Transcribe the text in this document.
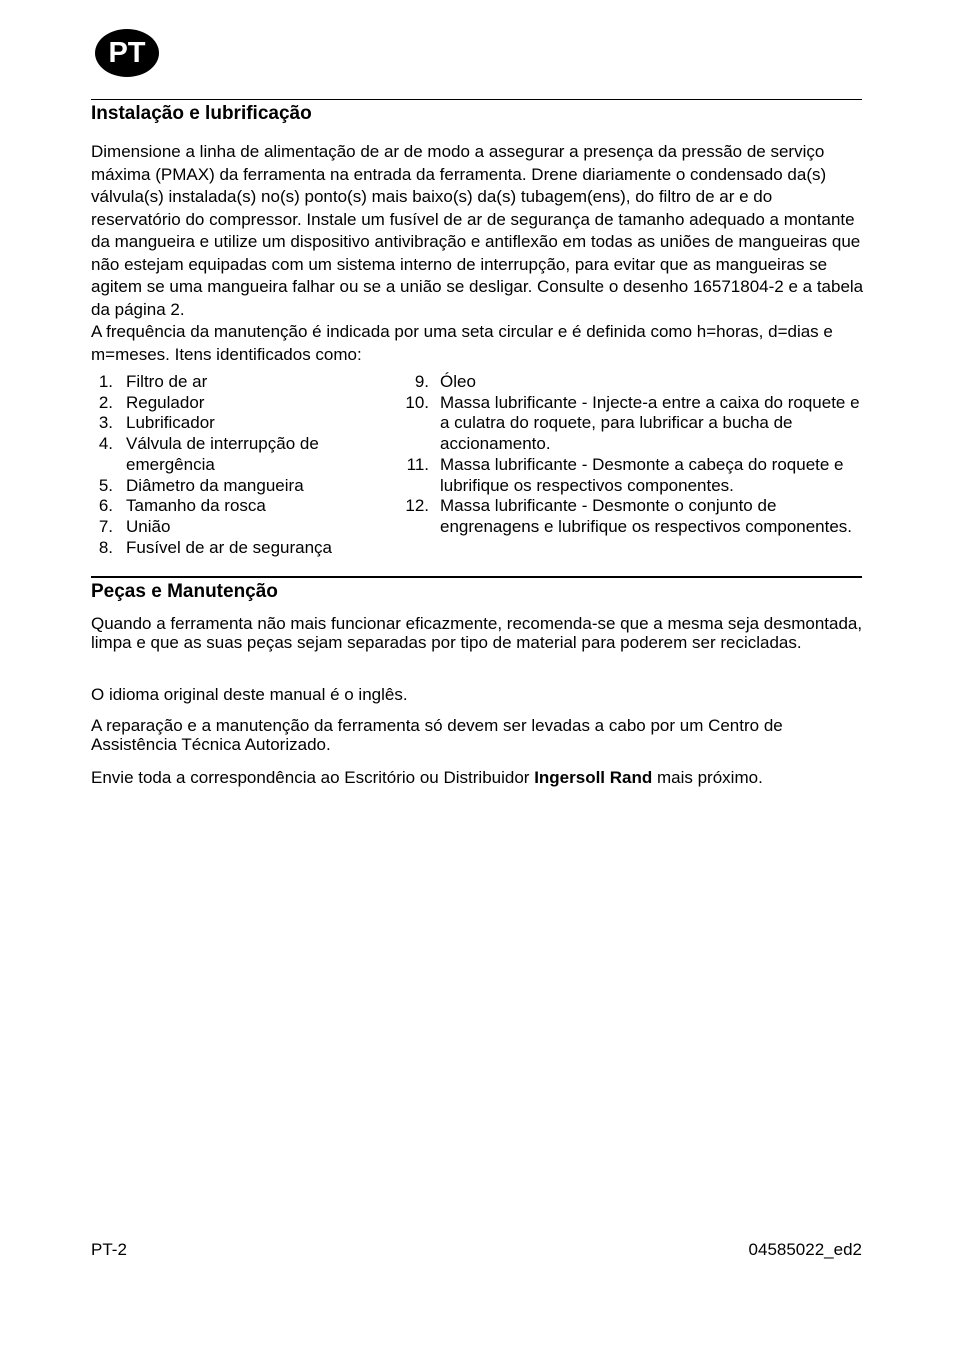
PT
Instalação e lubrificação

Dimensione a linha de alimentação de ar de modo a assegurar a presença da pressão de serviço máxima (PMAX) da ferramenta na entrada da ferramenta. Drene diariamente o condensado da(s) válvula(s) instalada(s) no(s) ponto(s) mais baixo(s) da(s) tubagem(ens), do filtro de ar e do reservatório do compressor. Instale um fusível de ar de segurança de tamanho adequado a montante da mangueira e utilize um dispositivo antivibração e antiflexão em todas as uniões de mangueiras que não estejam equipadas com um sistema interno de interrupção, para evitar que as mangueiras se agitem se uma mangueira falhar ou se a união se desligar. Consulte o desenho 16571804-2 e a tabela da página 2.

A frequência da manutenção é indicada por uma seta circular e é definida como h=horas, d=dias e m=meses. Itens identificados como:

1. Filtro de ar
2. Regulador
3. Lubrificador
4. Válvula de interrupção de emergência
5. Diâmetro da mangueira
6. Tamanho da rosca
7. União
8. Fusível de ar de segurança
9. Óleo
10. Massa lubrificante - Injecte-a entre a caixa do roquete e a culatra do roquete, para lubrificar a bucha de accionamento.
11. Massa lubrificante - Desmonte a cabeça do roquete e lubrifique os respectivos componentes.
12. Massa lubrificante - Desmonte o conjunto de engrenagens e lubrifique os respectivos componentes.
Peças e Manutenção

Quando a ferramenta não mais funcionar eficazmente, recomenda-se que a mesma seja desmontada, limpa e que as suas peças sejam separadas por tipo de material para poderem ser recicladas.

O idioma original deste manual é o inglês.

A reparação e a manutenção da ferramenta só devem ser levadas a cabo por um Centro de Assistência Técnica Autorizado.

Envie toda a correspondência ao Escritório ou Distribuidor Ingersoll Rand mais próximo.

PT-2	04585022_ed2
